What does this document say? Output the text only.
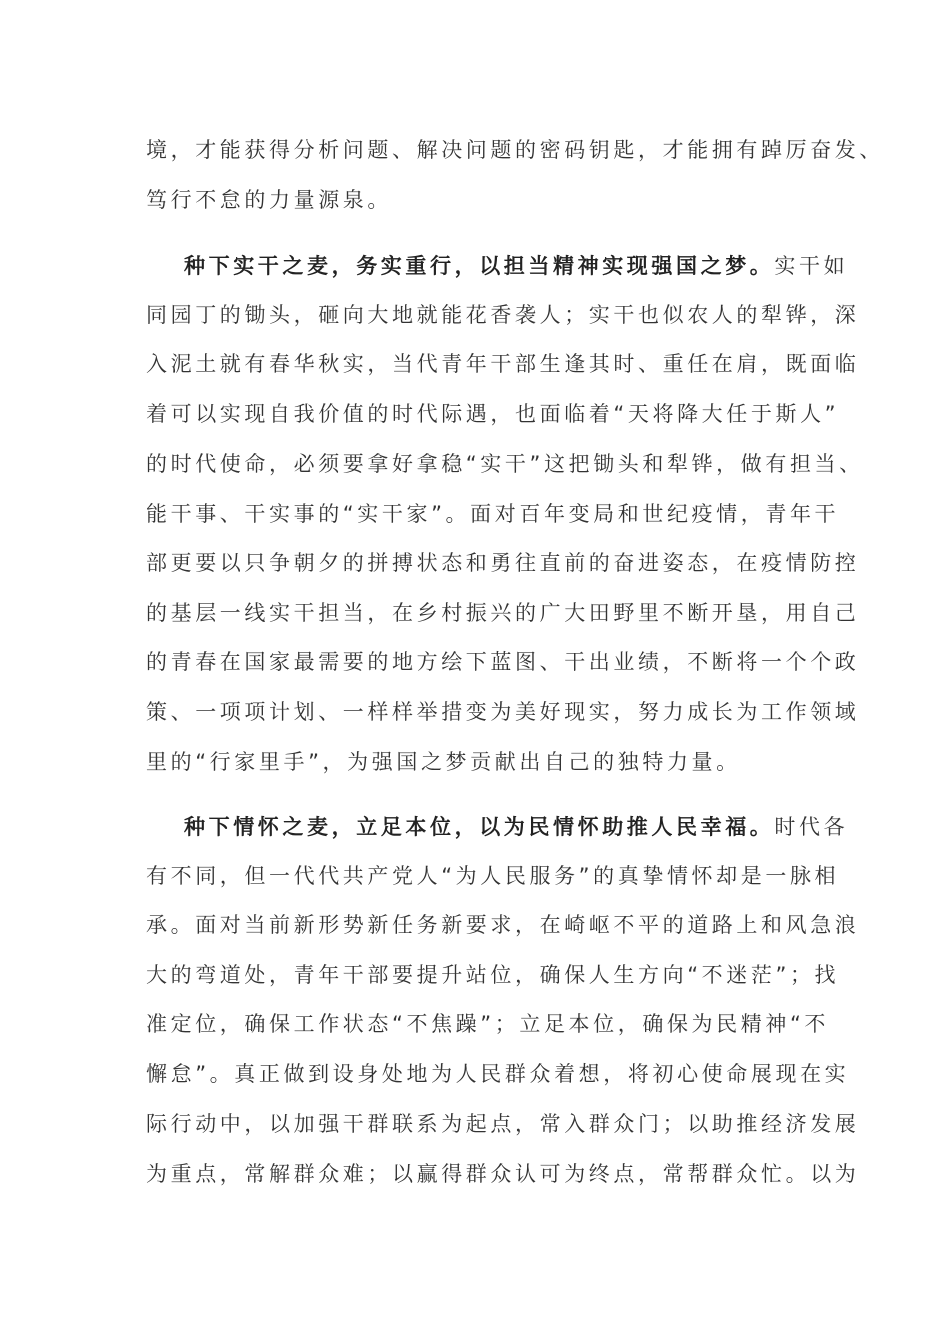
境，才能获得分析问题、解决问题的密码钥匙，才能拥有踔厉奋发、
笃行不怠的力量源泉。
种下实干之麦，务实重行，以担当精神实现强国之梦。实干如
同园丁的锄头，砸向大地就能花香袭人；实干也似农人的犁铧，深
入泥土就有春华秋实，当代青年干部生逢其时、重任在肩，既面临
着可以实现自我价值的时代际遇，也面临着“天将降大任于斯人”
的时代使命，必须要拿好拿稳“实干”这把锄头和犁铧，做有担当、
能干事、干实事的“实干家”。面对百年变局和世纪疫情，青年干
部更要以只争朝夕的拼搏状态和勇往直前的奋进姿态，在疫情防控
的基层一线实干担当，在乡村振兴的广大田野里不断开垦，用自己
的青春在国家最需要的地方绘下蓝图、干出业绩，不断将一个个政
策、一项项计划、一样样举措变为美好现实，努力成长为工作领域
里的“行家里手”，为强国之梦贡献出自己的独特力量。
种下情怀之麦，立足本位，以为民情怀助推人民幸福。时代各
有不同，但一代代共产党人“为人民服务”的真挚情怀却是一脉相
承。面对当前新形势新任务新要求，在崎岖不平的道路上和风急浪
大的弯道处，青年干部要提升站位，确保人生方向“不迷茫”；找
准定位，确保工作状态“不焦躁”；立足本位，确保为民精神“不
懈怠”。真正做到设身处地为人民群众着想，将初心使命展现在实
际行动中，以加强干群联系为起点，常入群众门；以助推经济发展
为重点，常解群众难；以赢得群众认可为终点，常帮群众忙。以为
